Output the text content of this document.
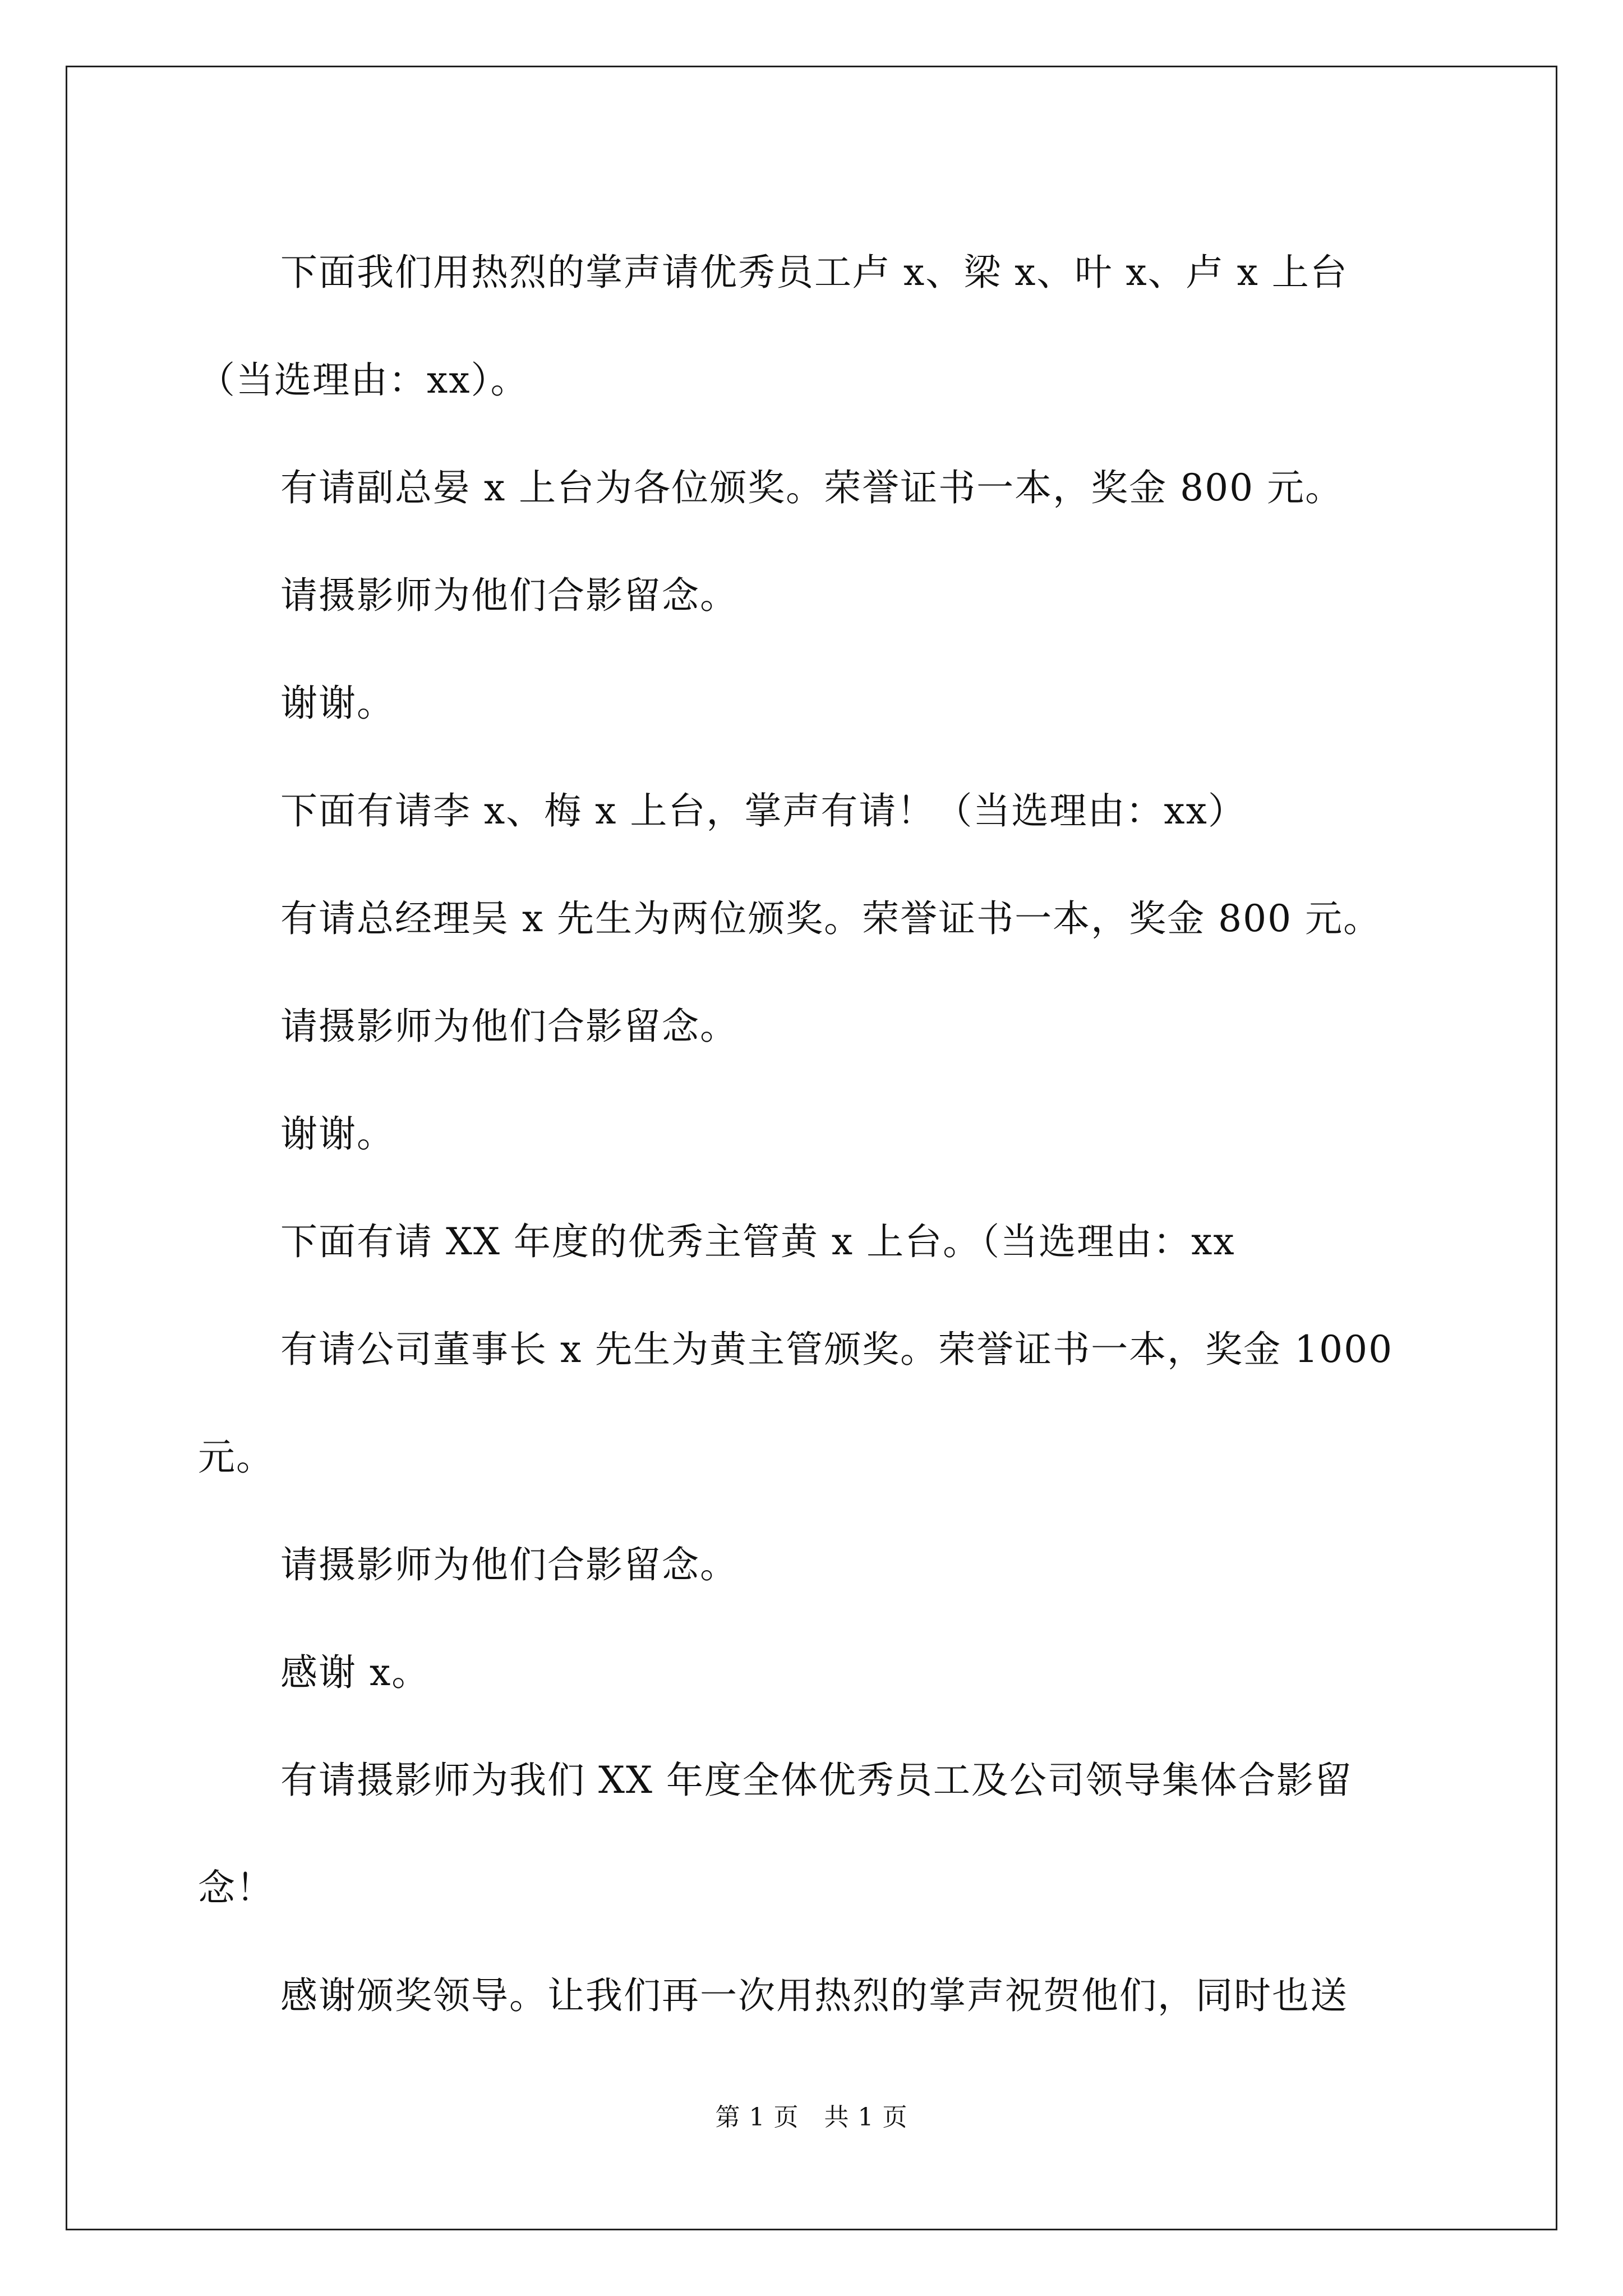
下面我们用热烈的掌声请优秀员工卢 x、梁 x、叶 x、卢 x 上台

（当选理由：xx）。

有请副总晏 x 上台为各位颁奖。荣誉证书一本，奖金 800 元。

请摄影师为他们合影留念。

谢谢。

下面有请李 x、梅 x 上台，掌声有请！（当选理由：xx）

有请总经理吴 x 先生为两位颁奖。荣誉证书一本，奖金 800 元。

请摄影师为他们合影留念。

谢谢。

下面有请 XX 年度的优秀主管黄 x 上台。（当选理由：xx

有请公司董事长 x 先生为黄主管颁奖。荣誉证书一本，奖金 1000

元。

请摄影师为他们合影留念。

感谢 x。

有请摄影师为我们 XX 年度全体优秀员工及公司领导集体合影留

念！

感谢颁奖领导。让我们再一次用热烈的掌声祝贺他们，同时也送

第 1 页　共 1 页
